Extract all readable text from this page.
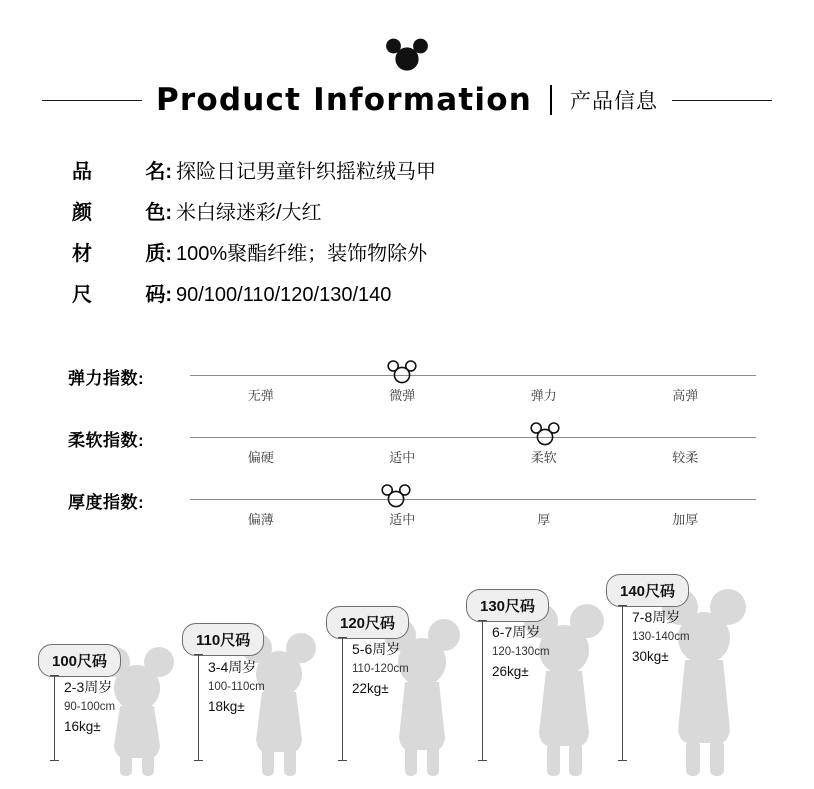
Product Information 产品信息
品	名: 探险日记男童针织摇粒绒马甲
颜	色: 米白绿迷彩/大红
材	质: 100%聚酯纤维；装饰物除外
尺	码: 90/100/110/120/130/140
弹力指数:
无弹	微弹	弹力	高弹
柔软指数:
偏硬	适中	柔软	较柔
厚度指数:
偏薄	适中	厚	加厚
100尺码
2-3周岁
90-100cm
16kg±
110尺码
3-4周岁
100-110cm
18kg±
120尺码
5-6周岁
110-120cm
22kg±
130尺码
6-7周岁
120-130cm
26kg±
140尺码
7-8周岁
130-140cm
30kg±
